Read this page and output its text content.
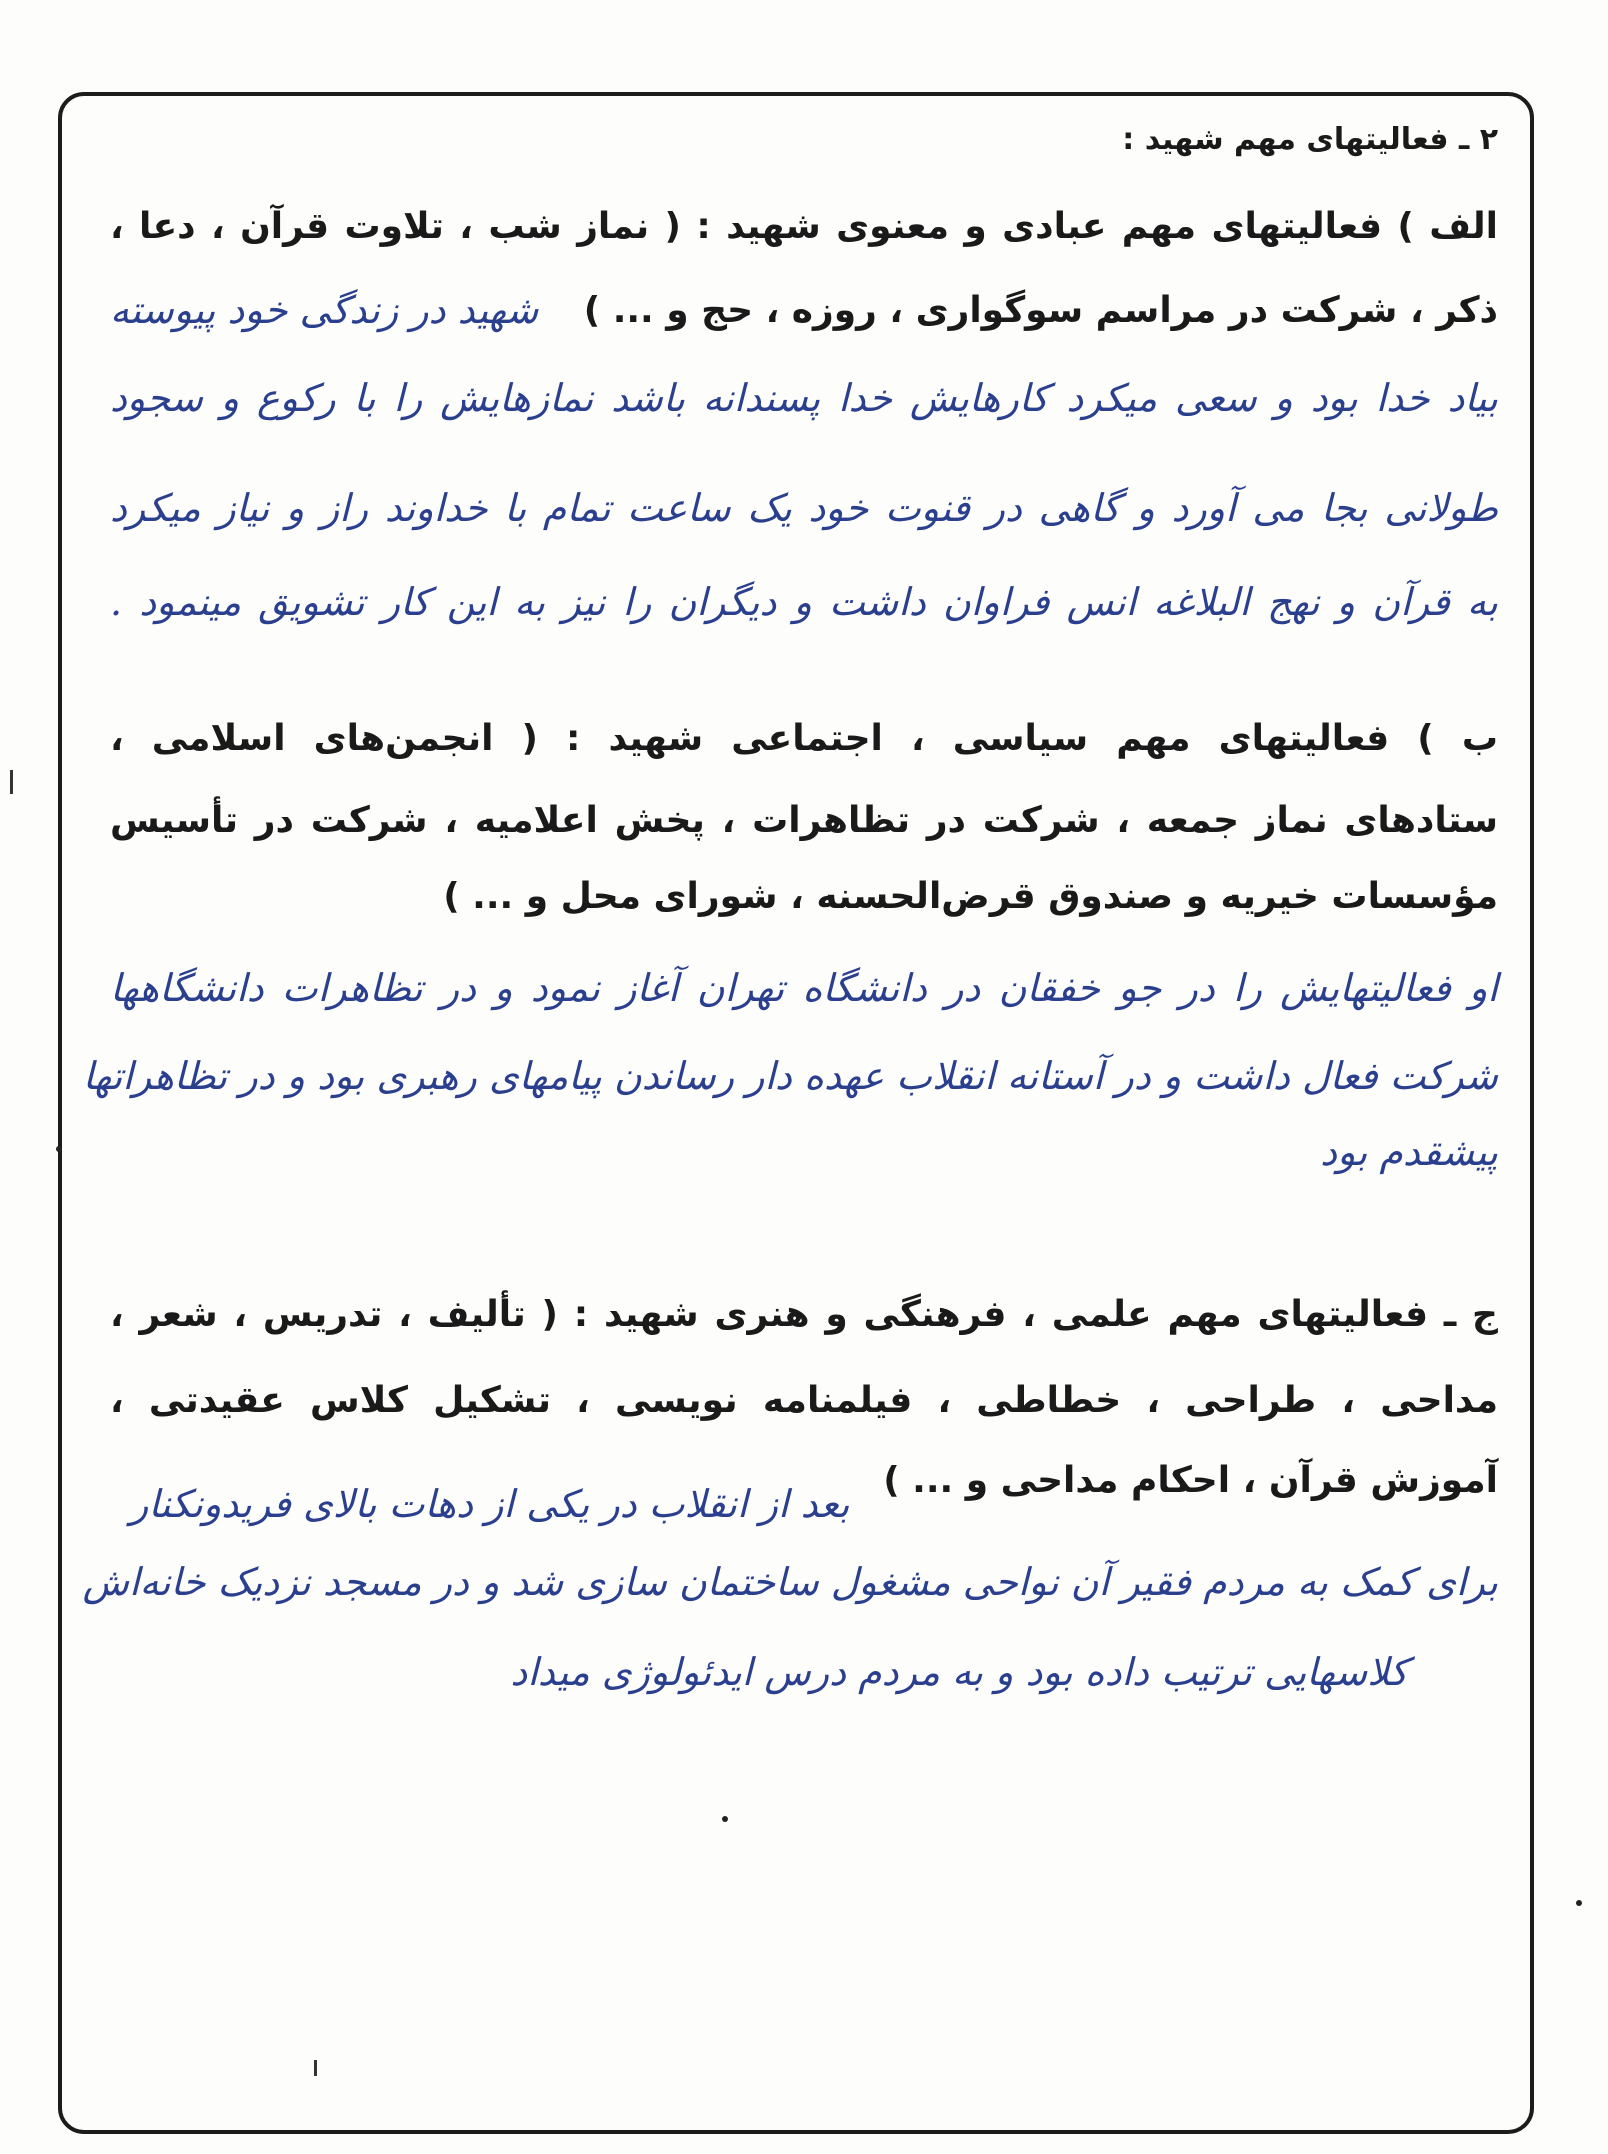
۲ ـ فعالیتهای مهم شهید :
الف ) فعالیتهای مهم عبادی و معنوی شهید : ( نماز شب ، تلاوت قرآن ، دعا ،
ذکر ، شرکت در مراسم سوگواری ، روزه ، حج و ... )
شهید در زندگی خود پیوسته
بیاد خدا بود و سعی میکرد کارهایش خدا پسندانه باشد نمازهایش را با رکوع و سجود
طولانی بجا می آورد و گاهی در قنوت خود یک ساعت تمام با خداوند راز و نیاز میکرد
به قرآن و نهج البلاغه انس فراوان داشت و دیگران را نیز به این کار تشویق مینمود .
ب ) فعالیتهای مهم سیاسی ، اجتماعی شهید : ( انجمن‌های اسلامی ،
ستادهای نماز جمعه ، شرکت در تظاهرات ، پخش اعلامیه ، شرکت در تأسیس
مؤسسات خیریه و صندوق قرض‌الحسنه ، شورای محل و ... )
او فعالیتهایش را در جو خفقان در دانشگاه تهران آغاز نمود و در تظاهرات دانشگاهها
شرکت فعال داشت و در آستانه انقلاب عهده دار رساندن پیامهای رهبری بود و در تظاهراتها
پیشقدم بود
ج ـ فعالیتهای مهم علمی ، فرهنگی و هنری شهید : ( تألیف ، تدریس ، شعر ،
مداحی ، طراحی ، خطاطی ، فیلمنامه نویسی ، تشکیل کلاس عقیدتی ،
آموزش قرآن ، احکام مداحی و ... )
بعد از انقلاب در یکی از دهات بالای فریدونکنار
برای کمک به مردم فقیر آن نواحی مشغول ساختمان سازی شد و در مسجد نزدیک خانه‌اش
کلاسهایی ترتیب داده بود و به مردم درس ایدئولوژی میداد
